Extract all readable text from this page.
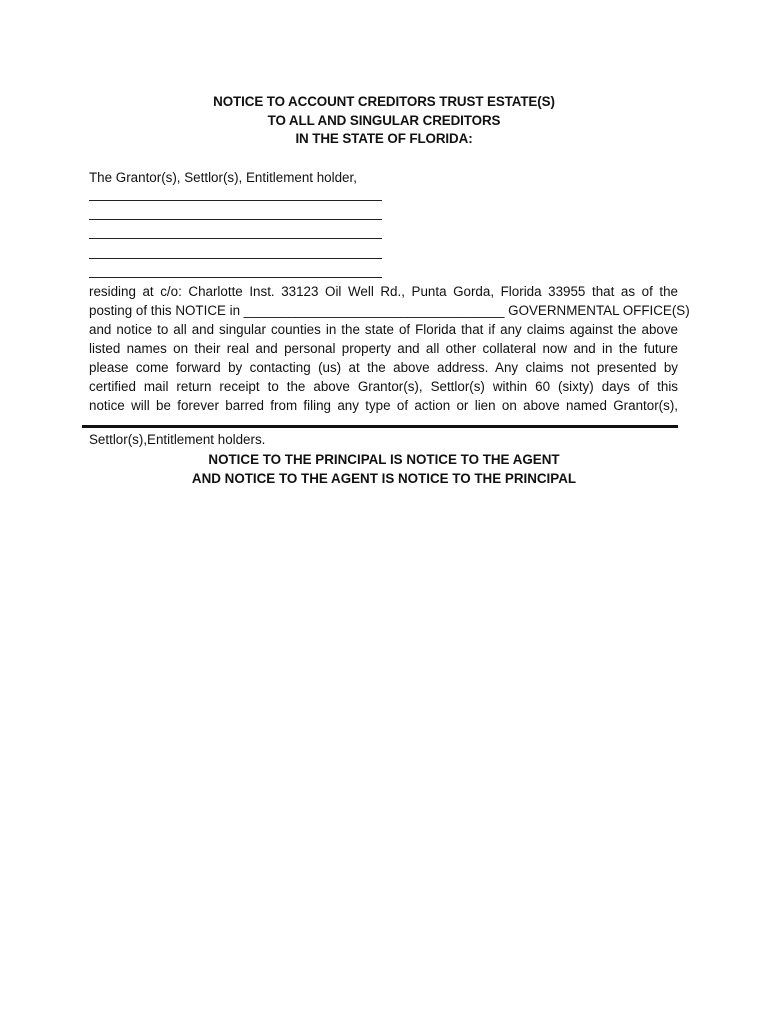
NOTICE TO ACCOUNT CREDITORS TRUST ESTATE(S)
TO ALL AND SINGULAR CREDITORS
IN THE STATE OF FLORIDA:
The Grantor(s), Settlor(s), Entitlement holder,
residing at c/o: Charlotte Inst. 33123 Oil Well Rd., Punta Gorda, Florida 33955 that as of the
posting of this NOTICE in ___________________________________ GOVERNMENTAL OFFICE(S)
and notice to all and singular counties in the state of Florida that if any claims against the above
listed names on their real and personal property and all other collateral now and in the future
please come forward by contacting (us) at the above address. Any claims not presented by
certified mail return receipt to the above Grantor(s), Settlor(s) within 60 (sixty) days of this
notice will be forever barred from filing any type of action or lien on above named Grantor(s),
Settlor(s),Entitlement holders.
NOTICE TO THE PRINCIPAL IS NOTICE TO THE AGENT
AND NOTICE TO THE AGENT IS NOTICE TO THE PRINCIPAL
